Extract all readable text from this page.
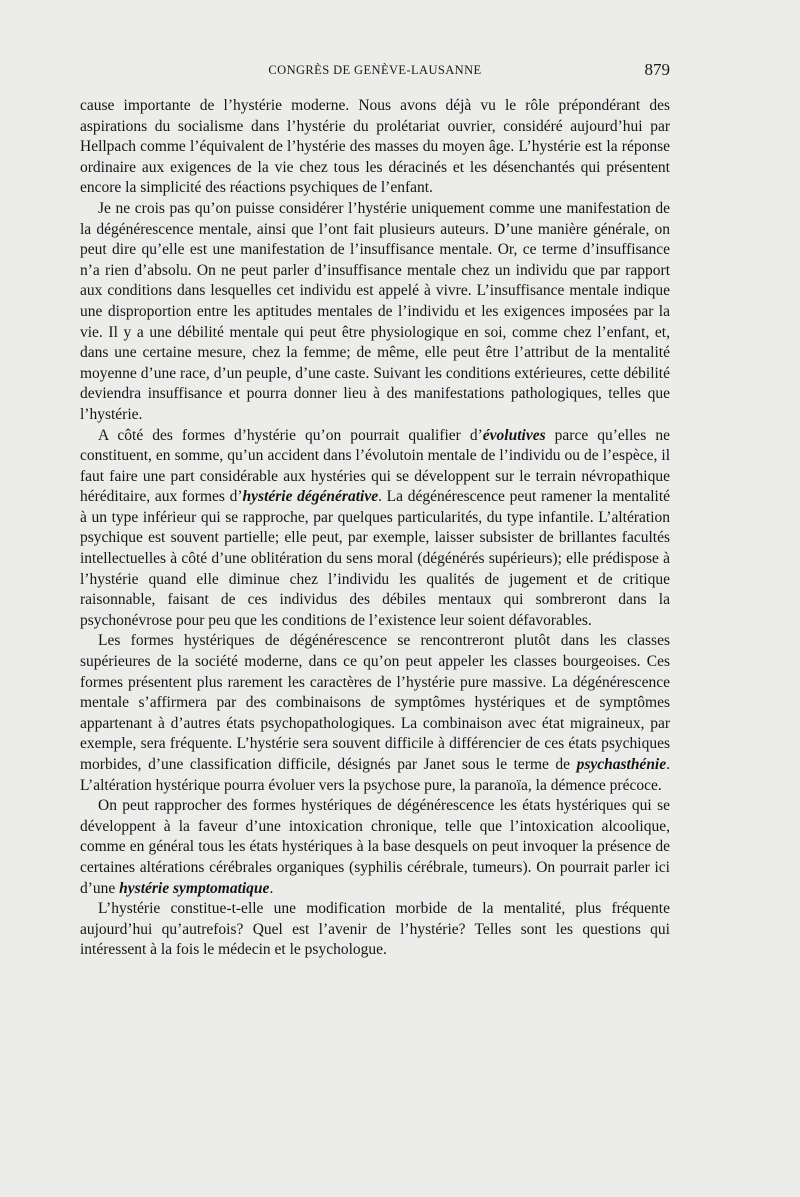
CONGRÈS DE GENÈVE-LAUSANNE	879

cause importante de l’hystérie moderne. Nous avons déjà vu le rôle prépondérant des aspirations du socialisme dans l’hystérie du prolétariat ouvrier, considéré aujourd’hui par Hellpach comme l’équivalent de l’hystérie des masses du moyen âge. L’hystérie est la réponse ordinaire aux exigences de la vie chez tous les déracinés et les désenchantés qui présentent encore la simplicité des réactions psychiques de l’enfant.

Je ne crois pas qu’on puisse considérer l’hystérie uniquement comme une manifestation de la dégénérescence mentale, ainsi que l’ont fait plusieurs auteurs. D’une manière générale, on peut dire qu’elle est une manifestation de l’insuffisance mentale. Or, ce terme d’insuffisance n’a rien d’absolu. On ne peut parler d’insuffisance mentale chez un individu que par rapport aux conditions dans lesquelles cet individu est appelé à vivre. L’insuffisance mentale indique une disproportion entre les aptitudes mentales de l’individu et les exigences imposées par la vie. Il y a une débilité mentale qui peut être physiologique en soi, comme chez l’enfant, et, dans une certaine mesure, chez la femme; de même, elle peut être l’attribut de la mentalité moyenne d’une race, d’un peuple, d’une caste. Suivant les conditions extérieures, cette débilité deviendra insuffisance et pourra donner lieu à des manifestations pathologiques, telles que l’hystérie.

A côté des formes d’hystérie qu’on pourrait qualifier d’évolutives parce qu’elles ne constituent, en somme, qu’un accident dans l’évolutoin mentale de l’individu ou de l’espèce, il faut faire une part considérable aux hystéries qui se développent sur le terrain névropathique héréditaire, aux formes d’hystérie dégénérative. La dégénérescence peut ramener la mentalité à un type inférieur qui se rapproche, par quelques particularités, du type infantile. L’altération psychique est souvent partielle; elle peut, par exemple, laisser subsister de brillantes facultés intellectuelles à côté d’une oblitération du sens moral (dégénérés supérieurs); elle prédispose à l’hystérie quand elle diminue chez l’individu les qualités de jugement et de critique raisonnable, faisant de ces individus des débiles mentaux qui sombreront dans la psychonévrose pour peu que les conditions de l’existence leur soient défavorables.

Les formes hystériques de dégénérescence se rencontreront plutôt dans les classes supérieures de la société moderne, dans ce qu’on peut appeler les classes bourgeoises. Ces formes présentent plus rarement les caractères de l’hystérie pure massive. La dégénérescence mentale s’affirmera par des combinaisons de symptômes hystériques et de symptômes appartenant à d’autres états psychopathologiques. La combinaison avec état migraineux, par exemple, sera fréquente. L’hystérie sera souvent difficile à différencier de ces états psychiques morbides, d’une classification difficile, désignés par Janet sous le terme de psychasthénie. L’altération hystérique pourra évoluer vers la psychose pure, la paranoïa, la démence précoce.

On peut rapprocher des formes hystériques de dégénérescence les états hystériques qui se développent à la faveur d’une intoxication chronique, telle que l’intoxication alcoolique, comme en général tous les états hystériques à la base desquels on peut invoquer la présence de certaines altérations cérébrales organiques (syphilis cérébrale, tumeurs). On pourrait parler ici d’une hystérie symptomatique.

L’hystérie constitue-t-elle une modification morbide de la mentalité, plus fréquente aujourd’hui qu’autrefois? Quel est l’avenir de l’hystérie? Telles sont les questions qui intéressent à la fois le médecin et le psychologue.
